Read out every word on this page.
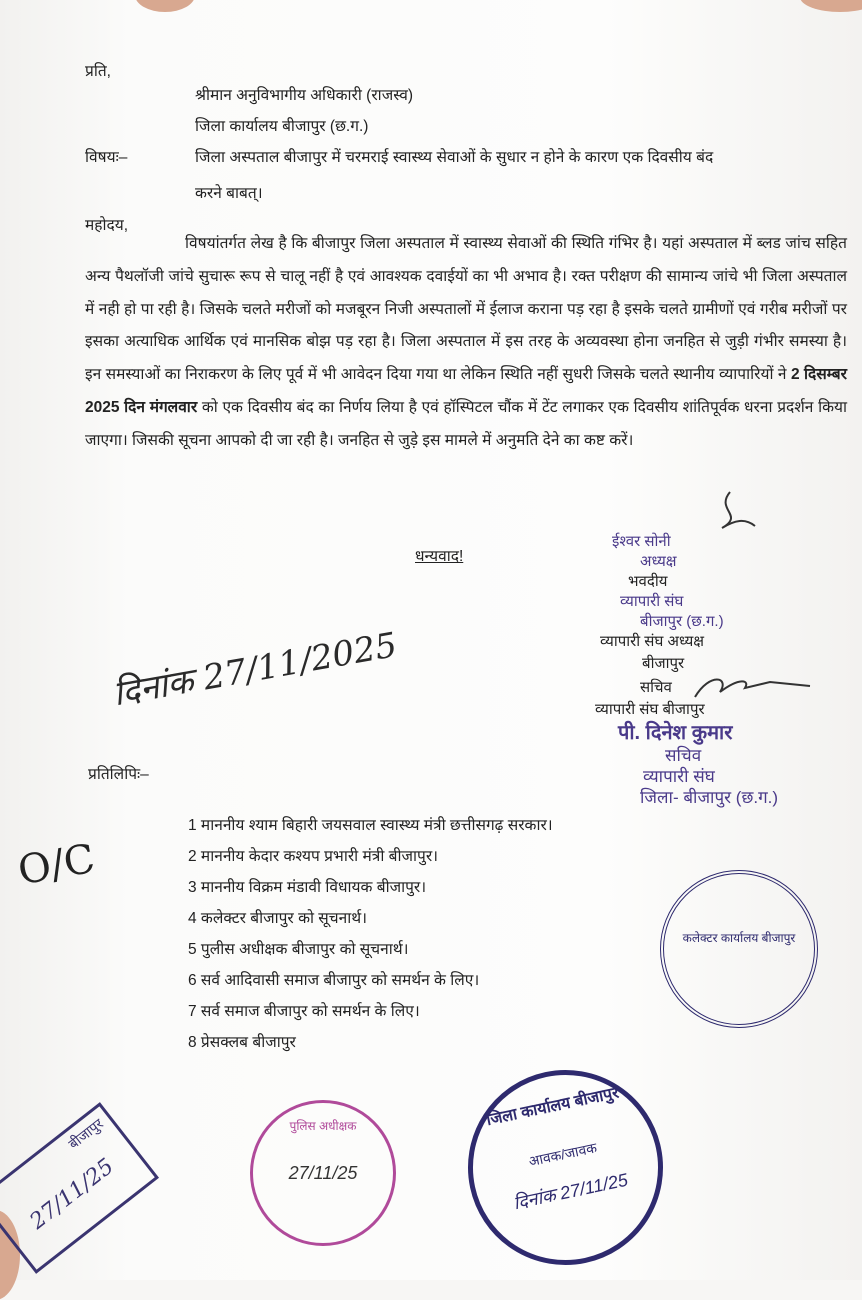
प्रति,
श्रीमान अनुविभागीय अधिकारी (राजस्व)
जिला कार्यालय बीजापुर (छ.ग.)
विषयः–	जिला अस्पताल बीजापुर में चरमराई स्वास्थ्य सेवाओं के सुधार न होने के कारण एक दिवसीय बंद
करने बाबत्।
महोदय,
विषयांतर्गत लेख है कि बीजापुर जिला अस्पताल में स्वास्थ्य सेवाओं की स्थिति गंभिर है। यहां अस्पताल में ब्लड जांच सहित अन्य पैथलॉजी जांचे सुचारू रूप से चालू नहीं है एवं आवश्यक दवाईयों का भी अभाव है। रक्त परीक्षण की सामान्य जांचे भी जिला अस्पताल में नही हो पा रही है। जिसके चलते मरीजों को मजबूरन निजी अस्पतालों में ईलाज कराना पड़ रहा है इसके चलते ग्रामीणों एवं गरीब मरीजों पर इसका अत्याधिक आर्थिक एवं मानसिक बोझ पड़ रहा है। जिला अस्पताल में इस तरह के अव्यवस्था होना जनहित से जुड़ी गंभीर समस्या है। इन समस्याओं का निराकरण के लिए पूर्व में भी आवेदन दिया गया था लेकिन स्थिति नहीं सुधरी जिसके चलते स्थानीय व्यापारियों ने 2 दिसम्बर 2025 दिन मंगलवार को एक दिवसीय बंद का निर्णय लिया है एवं हॉस्पिटल चौंक में टेंट लगाकर एक दिवसीय शांतिपूर्वक धरना प्रदर्शन किया जाएगा। जिसकी सूचना आपको दी जा रही है। जनहित से जुड़े इस मामले में अनुमति देने का कष्ट करें।
धन्यवाद!
दिनांक 27/11/2025
ईश्वर सोनी
अध्यक्ष
भवदीय
व्यापारी संघ
बीजापुर (छ.ग.)
व्यापारी संघ अध्यक्ष
बीजापुर
सचिव
व्यापारी संघ बीजापुर
पी. दिनेश कुमार
सचिव
व्यापारी संघ
जिला- बीजापुर (छ.ग.)
प्रतिलिपिः–
1 माननीय श्याम बिहारी जयसवाल स्वास्थ्य मंत्री छत्तीसगढ़ सरकार।
2 माननीय केदार कश्यप प्रभारी मंत्री बीजापुर।
3 माननीय विक्रम मंडावी विधायक बीजापुर।
4 कलेक्टर बीजापुर को सूचनार्थ।
5 पुलीस अधीक्षक बीजापुर को सूचनार्थ।
6 सर्व आदिवासी समाज बीजापुर को समर्थन के लिए।
7 सर्व समाज बीजापुर को समर्थन के लिए।
8 प्रेसक्लब बीजापुर
O/C
बीजापुर
27/11/25
कलेक्टर कार्यालय बीजापुर
पुलिस अधीक्षक
27/11/25
जिला कार्यालय बीजापुर
आवक/जावक
दिनांक 27/11/25
